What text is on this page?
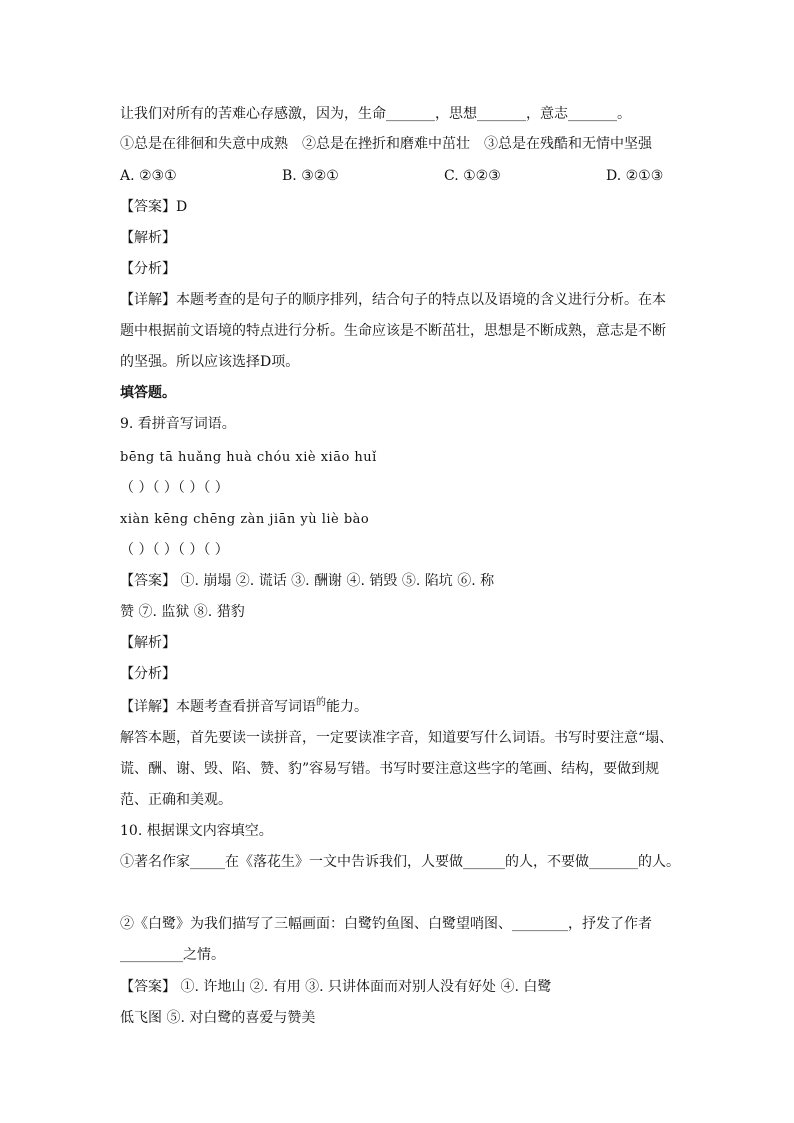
让我们对所有的苦难心存感激，因为，生命_______，思想_______，意志_______。
①总是在徘徊和失意中成熟　②总是在挫折和磨难中茁壮　③总是在残酷和无情中坚强
A. ②③①	B. ③②①	C. ①②③	D. ②①③
【答案】D
【解析】
【分析】
【详解】本题考查的是句子的顺序排列，结合句子的特点以及语境的含义进行分析。在本
题中根据前文语境的特点进行分析。生命应该是不断茁壮，思想是不断成熟，意志是不断
的坚强。所以应该选择D项。
填答题。
9. 看拼音写词语。
bēng tā huǎng huà chóu xiè xiāo huǐ
（ ）（ ）（ ）（ ）
xiàn kēng chēng zàn jiān yù liè bào
（ ）（ ）（ ）（ ）
【答案】 ①. 崩塌 ②. 谎话 ③. 酬谢 ④. 销毁 ⑤. 陷坑 ⑥. 称
赞 ⑦. 监狱 ⑧. 猎豹
【解析】
【分析】
【详解】本题考查看拼音写词语$^的$能力。
解答本题，首先要读一读拼音，一定要读准字音，知道要写什么词语。书写时要注意“塌、
谎、酬、谢、毁、陷、赞、豹”容易写错。书写时要注意这些字的笔画、结构，要做到规
范、正确和美观。
10. 根据课文内容填空。
①著名作家_____在《落花生》一文中告诉我们，人要做______的人，不要做_______的人。
②《白鹭》为我们描写了三幅画面：白鹭钓鱼图、白鹭望哨图、________，抒发了作者
_________之情。
【答案】 ①. 许地山 ②. 有用 ③. 只讲体面而对别人没有好处 ④. 白鹭
低飞图 ⑤. 对白鹭的喜爱与赞美
